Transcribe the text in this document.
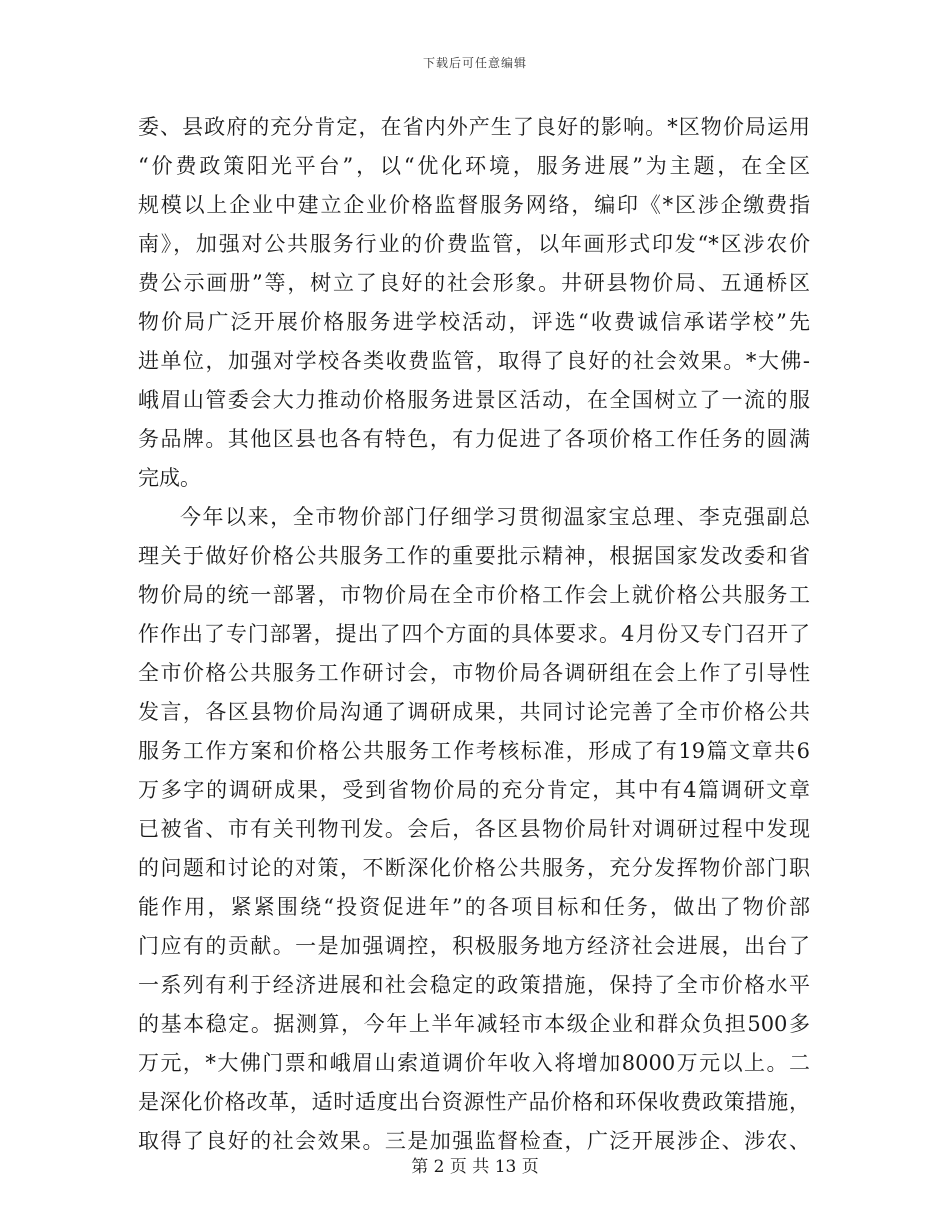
下载后可任意编辑
委、县政府的充分肯定，在省内外产生了良好的影响。*区物价局运用
“价费政策阳光平台”，以“优化环境，服务进展”为主题，在全区
规模以上企业中建立企业价格监督服务网络，编印《*区涉企缴费指
南》，加强对公共服务行业的价费监管，以年画形式印发“*区涉农价
费公示画册”等，树立了良好的社会形象。井研县物价局、五通桥区
物价局广泛开展价格服务进学校活动，评选“收费诚信承诺学校”先
进单位，加强对学校各类收费监管，取得了良好的社会效果。*大佛-
峨眉山管委会大力推动价格服务进景区活动，在全国树立了一流的服
务品牌。其他区县也各有特色，有力促进了各项价格工作任务的圆满
完成。
今年以来，全市物价部门仔细学习贯彻温家宝总理、李克强副总
理关于做好价格公共服务工作的重要批示精神，根据国家发改委和省
物价局的统一部署，市物价局在全市价格工作会上就价格公共服务工
作作出了专门部署，提出了四个方面的具体要求。4月份又专门召开了
全市价格公共服务工作研讨会，市物价局各调研组在会上作了引导性
发言，各区县物价局沟通了调研成果，共同讨论完善了全市价格公共
服务工作方案和价格公共服务工作考核标准，形成了有19篇文章共6
万多字的调研成果，受到省物价局的充分肯定，其中有4篇调研文章
已被省、市有关刊物刊发。会后，各区县物价局针对调研过程中发现
的问题和讨论的对策，不断深化价格公共服务，充分发挥物价部门职
能作用，紧紧围绕“投资促进年”的各项目标和任务，做出了物价部
门应有的贡献。一是加强调控，积极服务地方经济社会进展，出台了
一系列有利于经济进展和社会稳定的政策措施，保持了全市价格水平
的基本稳定。据测算，今年上半年减轻市本级企业和群众负担500多
万元，*大佛门票和峨眉山索道调价年收入将增加8000万元以上。二
是深化价格改革，适时适度出台资源性产品价格和环保收费政策措施，
取得了良好的社会效果。三是加强监督检查，广泛开展涉企、涉农、
第 2 页 共 13 页
